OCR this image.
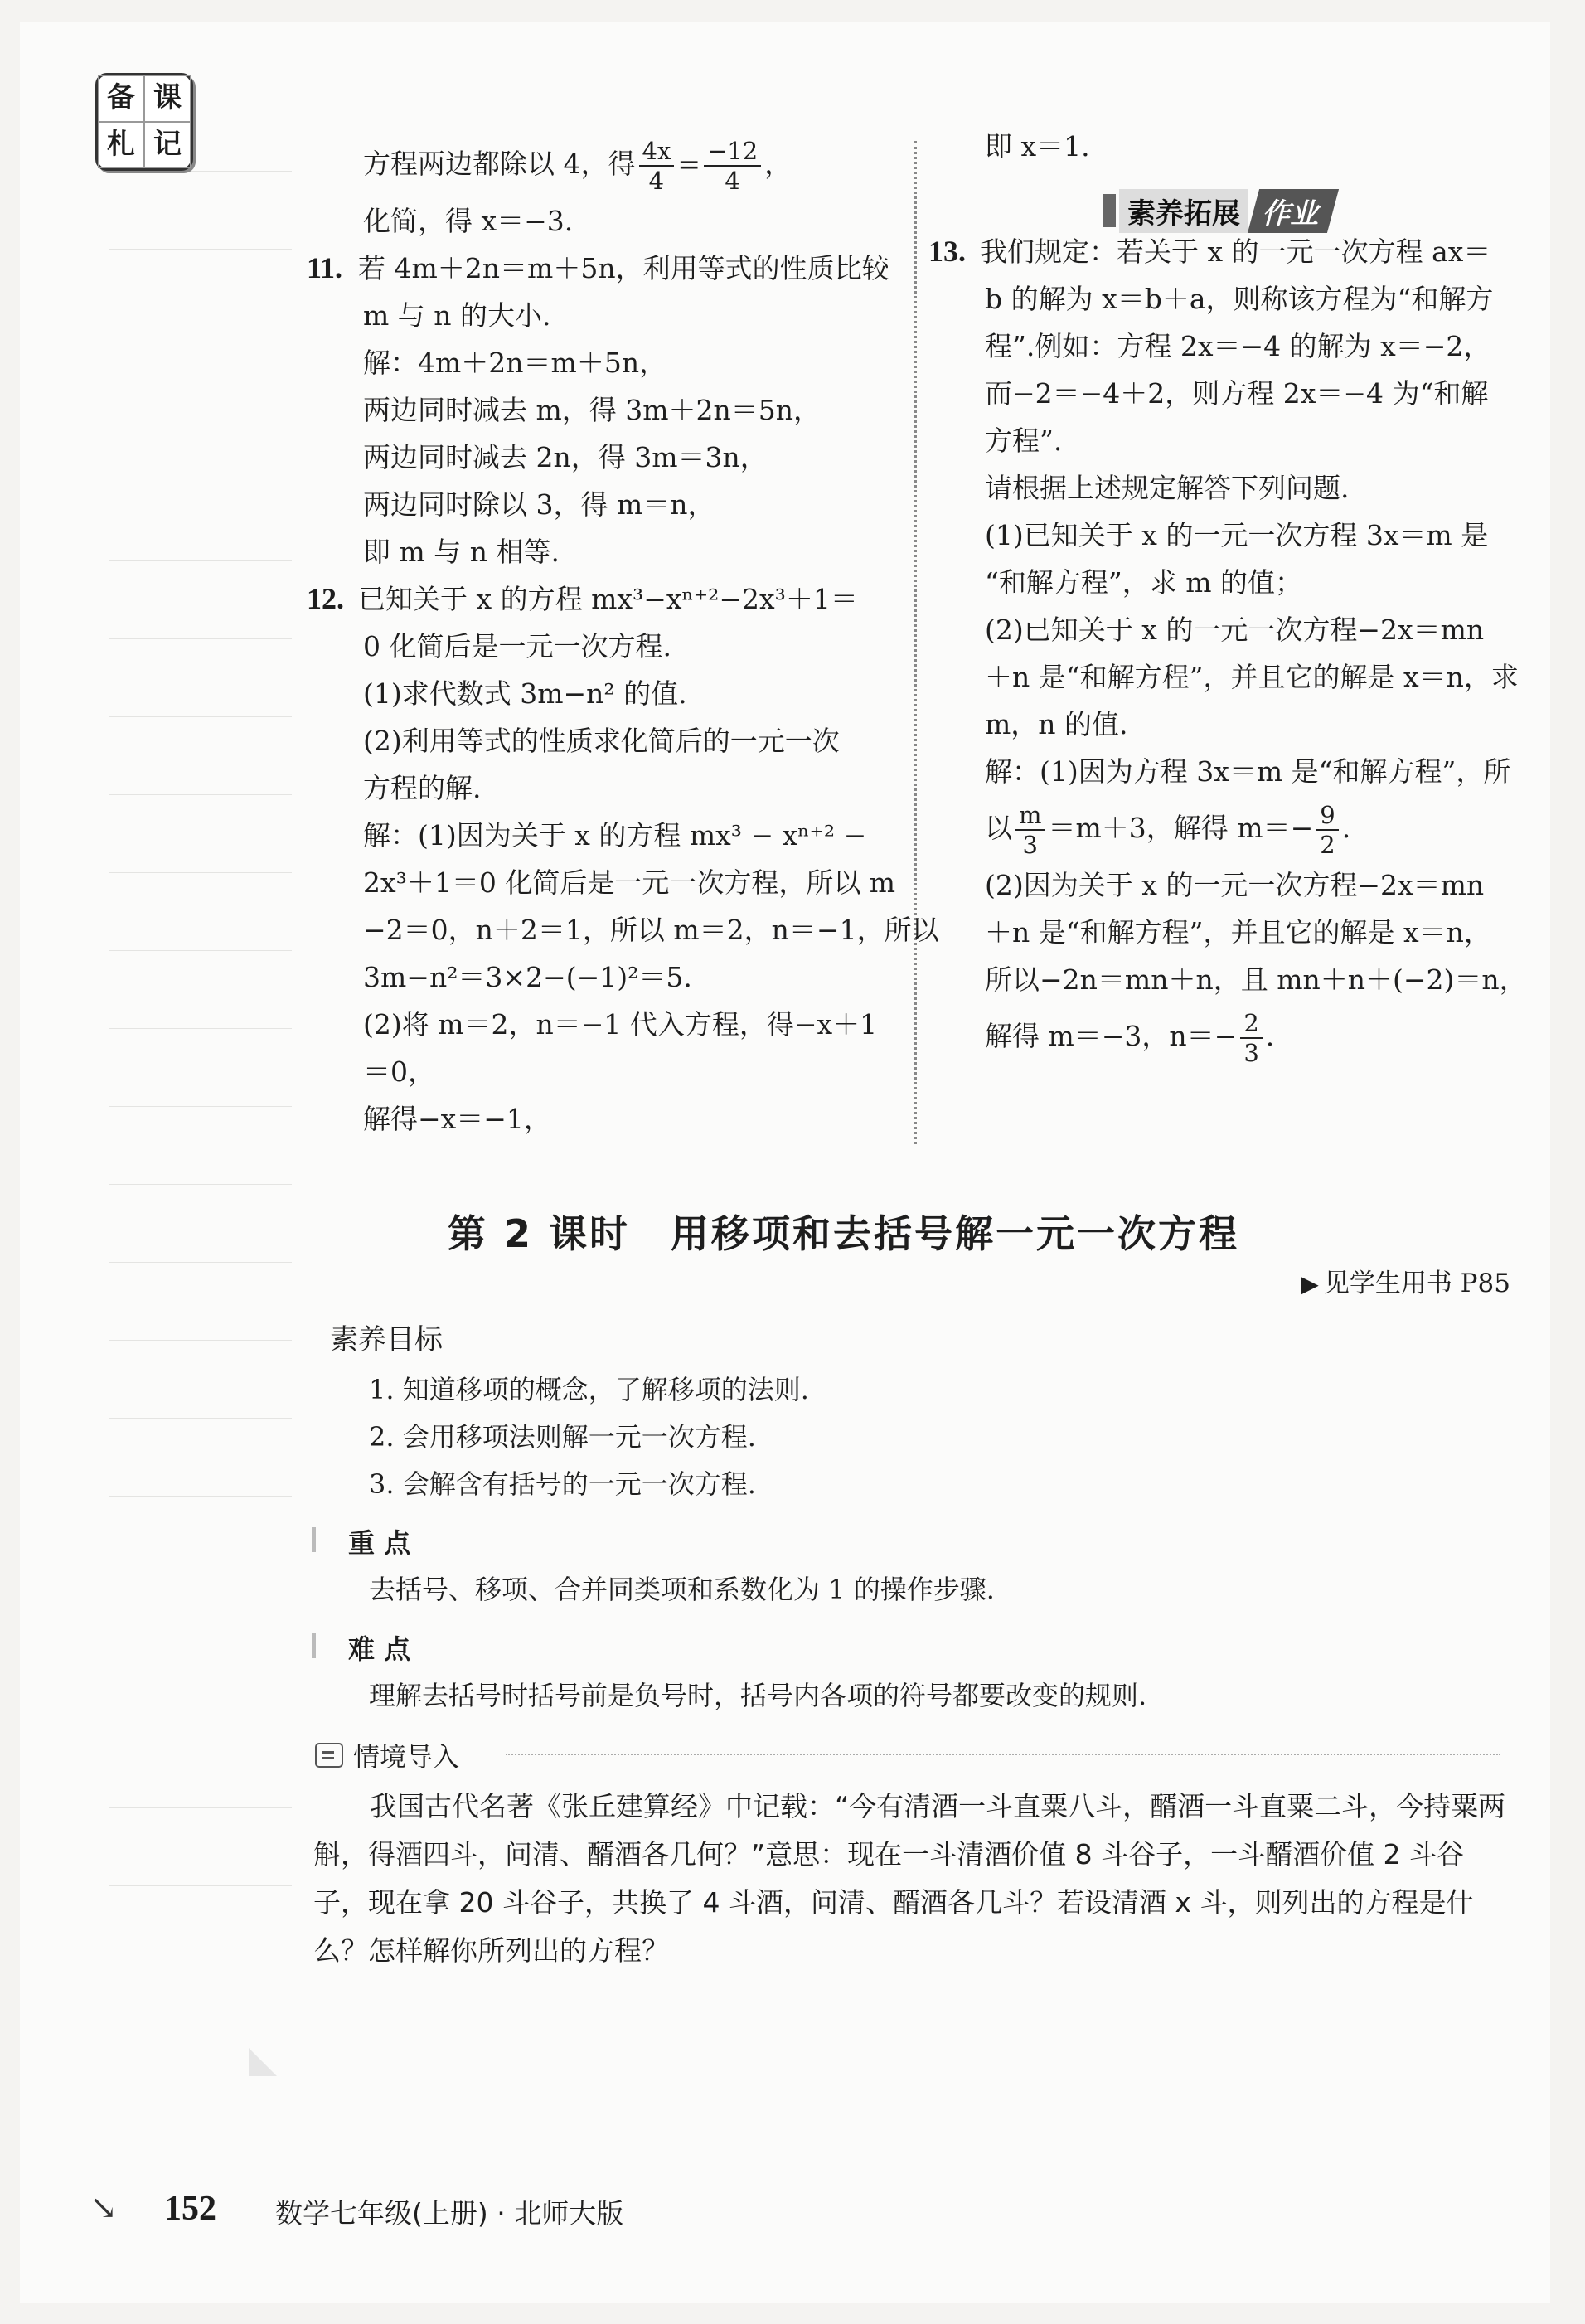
备 课
札 记
方程两边都除以 4，得 $\frac{4x}{4} = \frac{-12}{4}$ ，
化简，得 x＝−3.
11. 若 4m＋2n＝m＋5n，利用等式的性质比较
m 与 n 的大小.
解：4m＋2n＝m＋5n，
两边同时减去 m，得 3m＋2n＝5n，
两边同时减去 2n，得 3m＝3n，
两边同时除以 3，得 m＝n，
即 m 与 n 相等.
12. 已知关于 x 的方程 mx³−xⁿ⁺²−2x³＋1＝
0 化简后是一元一次方程.
(1)求代数式 3m−n² 的值.
(2)利用等式的性质求化简后的一元一次
方程的解.
解：(1)因为关于 x 的方程 mx³ − xⁿ⁺² −
2x³＋1＝0 化简后是一元一次方程，所以 m
−2＝0，n＋2＝1，所以 m＝2，n＝−1，所以
3m−n²＝3×2−(−1)²＝5.
(2)将 m＝2，n＝−1 代入方程，得−x＋1
＝0，
解得−x＝−1，
即 x＝1.
13. 我们规定：若关于 x 的一元一次方程 ax＝
b 的解为 x＝b＋a，则称该方程为“和解方
程”.例如：方程 2x＝−4 的解为 x＝−2，
而−2＝−4＋2，则方程 2x＝−4 为“和解
方程”.
请根据上述规定解答下列问题.
(1)已知关于 x 的一元一次方程 3x＝m 是
“和解方程”，求 m 的值；
(2)已知关于 x 的一元一次方程−2x＝mn
＋n 是“和解方程”，并且它的解是 x＝n，求
m，n 的值.
解：(1)因为方程 3x＝m 是“和解方程”，所
以 $\frac{m}{3} =m+3$，解得 $m=- \frac{9}{2}$ .
(2)因为关于 x 的一元一次方程−2x＝mn
＋n 是“和解方程”，并且它的解是 x＝n，
所以−2n＝mn＋n，且 mn＋n＋(−2)＝n，
解得 m＝−3，$n=- \frac{2}{3}$ .
素养拓展 作业
第 2 课时　用移项和去括号解一元一次方程
▶ 见学生用书 P85
素养目标
1. 知道移项的概念，了解移项的法则.
2. 会用移项法则解一元一次方程.
3. 会解含有括号的一元一次方程.
重 点
去括号、移项、合并同类项和系数化为 1 的操作步骤.
难 点
理解去括号时括号前是负号时，括号内各项的符号都要改变的规则.
情境导入
我国古代名著《张丘建算经》中记载：“今有清酒一斗直粟八斗，醑酒一斗直粟二斗，今持粟两斛，得酒四斗，问清、醑酒各几何？”意思：现在一斗清酒价值 8 斗谷子，一斗醑酒价值 2 斗谷子，现在拿 20 斗谷子，共换了 4 斗酒，问清、醑酒各几斗？若设清酒 x 斗，则列出的方程是什么？怎样解你所列出的方程？
↘ 152 数学七年级(上册) · 北师大版
